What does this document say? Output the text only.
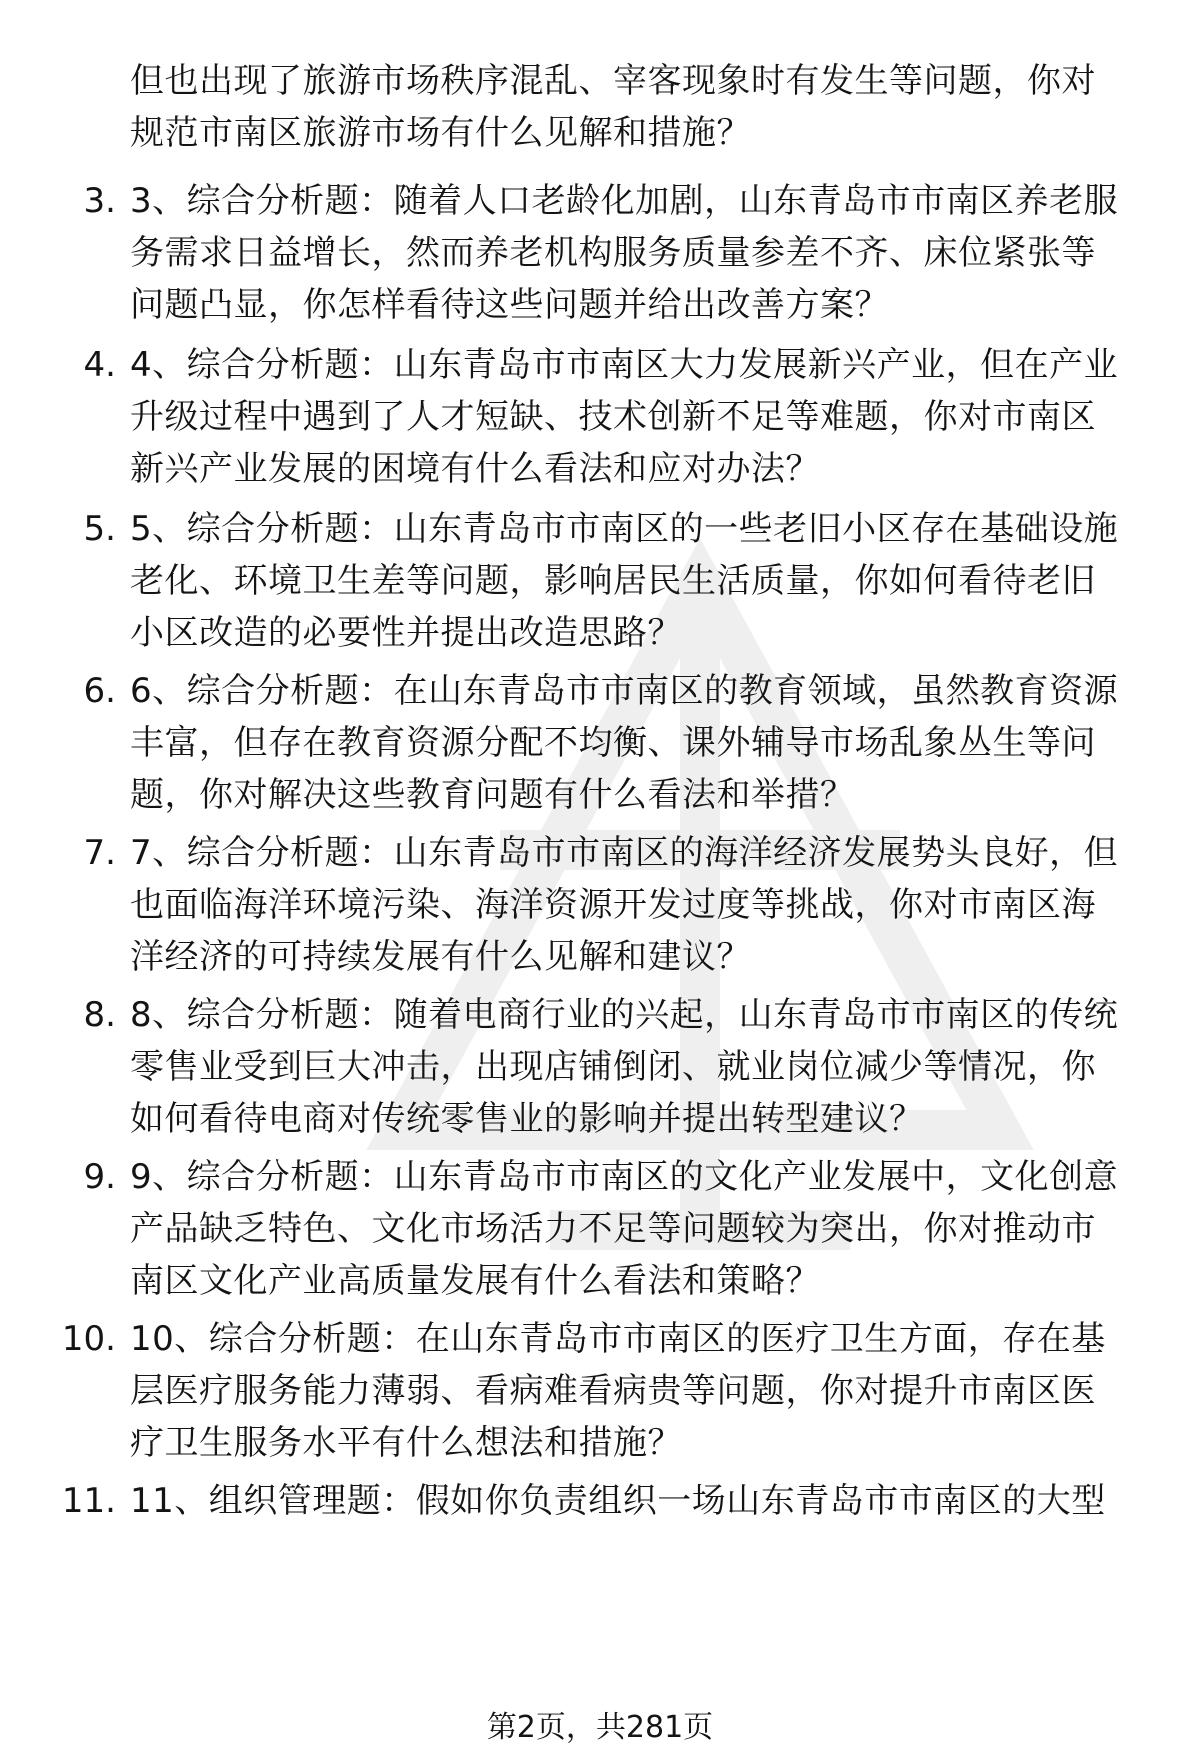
但也出现了旅游市场秩序混乱、宰客现象时有发生等问题，你对
规范市南区旅游市场有什么见解和措施？
3. 3、综合分析题：随着人口老龄化加剧，山东青岛市市南区养老服
务需求日益增长，然而养老机构服务质量参差不齐、床位紧张等
问题凸显，你怎样看待这些问题并给出改善方案？
4. 4、综合分析题：山东青岛市市南区大力发展新兴产业，但在产业
升级过程中遇到了人才短缺、技术创新不足等难题，你对市南区
新兴产业发展的困境有什么看法和应对办法？
5. 5、综合分析题：山东青岛市市南区的一些老旧小区存在基础设施
老化、环境卫生差等问题，影响居民生活质量，你如何看待老旧
小区改造的必要性并提出改造思路？
6. 6、综合分析题：在山东青岛市市南区的教育领域，虽然教育资源
丰富，但存在教育资源分配不均衡、课外辅导市场乱象丛生等问
题，你对解决这些教育问题有什么看法和举措？
7. 7、综合分析题：山东青岛市市南区的海洋经济发展势头良好，但
也面临海洋环境污染、海洋资源开发过度等挑战，你对市南区海
洋经济的可持续发展有什么见解和建议？
8. 8、综合分析题：随着电商行业的兴起，山东青岛市市南区的传统
零售业受到巨大冲击，出现店铺倒闭、就业岗位减少等情况，你
如何看待电商对传统零售业的影响并提出转型建议？
9. 9、综合分析题：山东青岛市市南区的文化产业发展中，文化创意
产品缺乏特色、文化市场活力不足等问题较为突出，你对推动市
南区文化产业高质量发展有什么看法和策略？
10. 10、综合分析题：在山东青岛市市南区的医疗卫生方面，存在基
层医疗服务能力薄弱、看病难看病贵等问题，你对提升市南区医
疗卫生服务水平有什么想法和措施？
11. 11、组织管理题：假如你负责组织一场山东青岛市市南区的大型
第2页，共281页
